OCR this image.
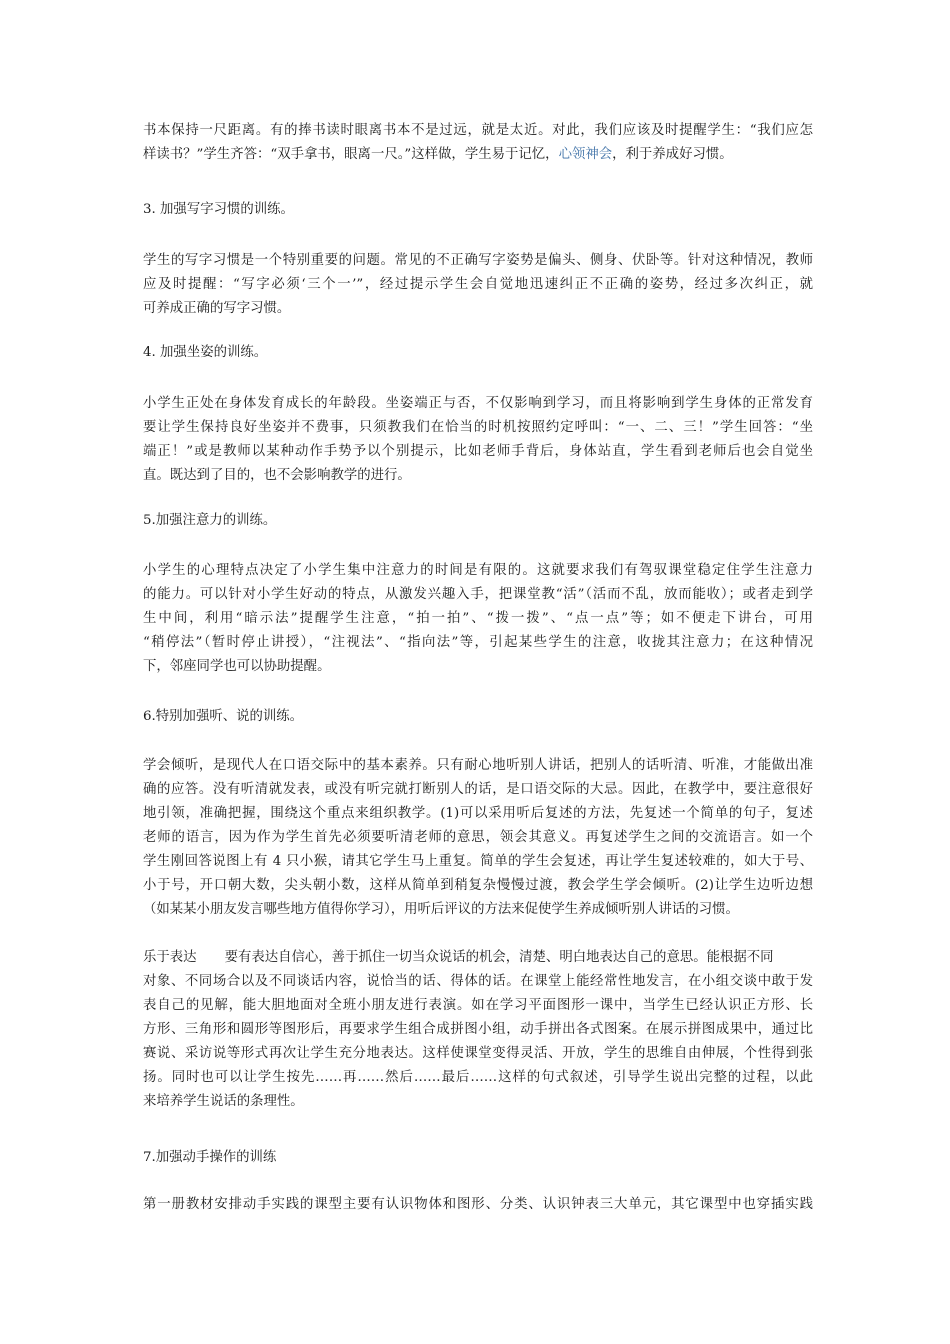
书本保持一尺距离。有的捧书读时眼离书本不是过远，就是太近。对此，我们应该及时提醒学生：“我们应怎
样读书？”学生齐答：“双手拿书，眼离一尺。”这样做，学生易于记忆，心领神会，利于养成好习惯。
3. 加强写字习惯的训练。
学生的写字习惯是一个特别重要的问题。常见的不正确写字姿势是偏头、侧身、伏卧等。针对这种情况，教师
应及时提醒：“写字必须‘三个一’”，经过提示学生会自觉地迅速纠正不正确的姿势，经过多次纠正，就
可养成正确的写字习惯。
4. 加强坐姿的训练。
小学生正处在身体发育成长的年龄段。坐姿端正与否，不仅影响到学习，而且将影响到学生身体的正常发育
要让学生保持良好坐姿并不费事，只须教我们在恰当的时机按照约定呼叫：“一、二、三！”学生回答：“坐
端正！”或是教师以某种动作手势予以个别提示，比如老师手背后，身体站直，学生看到老师后也会自觉坐
直。既达到了目的，也不会影响教学的进行。
5.加强注意力的训练。
小学生的心理特点决定了小学生集中注意力的时间是有限的。这就要求我们有驾驭课堂稳定住学生注意力
的能力。可以针对小学生好动的特点，从激发兴趣入手，把课堂教“活”（活而不乱，放而能收）；或者走到学
生中间，利用“暗示法”提醒学生注意，“拍一拍”、“拨一拨”、“点一点”等；如不便走下讲台，可用
“稍停法”（暂时停止讲授），“注视法”、“指向法”等，引起某些学生的注意，收拢其注意力；在这种情况
下，邻座同学也可以协助提醒。
6.特别加强听、说的训练。
学会倾听，是现代人在口语交际中的基本素养。只有耐心地听别人讲话，把别人的话听清、听准，才能做出准
确的应答。没有听清就发表，或没有听完就打断别人的话，是口语交际的大忌。因此，在教学中，要注意很好
地引领，准确把握，围绕这个重点来组织教学。(1)可以采用听后复述的方法，先复述一个简单的句子，复述
老师的语言，因为作为学生首先必须要听清老师的意思，领会其意义。再复述学生之间的交流语言。如一个
学生刚回答说图上有 4 只小猴，请其它学生马上重复。简单的学生会复述，再让学生复述较难的，如大于号、
小于号，开口朝大数，尖头朝小数，这样从简单到稍复杂慢慢过渡，教会学生学会倾听。(2)让学生边听边想
（如某某小朋友发言哪些地方值得你学习），用听后评议的方法来促使学生养成倾听别人讲话的习惯。
乐于表达 要有表达自信心，善于抓住一切当众说话的机会，清楚、明白地表达自己的意思。能根据不同
对象、不同场合以及不同谈话内容，说恰当的话、得体的话。在课堂上能经常性地发言，在小组交谈中敢于发
表自己的见解，能大胆地面对全班小朋友进行表演。如在学习平面图形一课中，当学生已经认识正方形、长
方形、三角形和圆形等图形后，再要求学生组合成拼图小组，动手拼出各式图案。在展示拼图成果中，通过比
赛说、采访说等形式再次让学生充分地表达。这样使课堂变得灵活、开放，学生的思维自由伸展，个性得到张
扬。同时也可以让学生按先……再……然后……最后……这样的句式叙述，引导学生说出完整的过程，以此
来培养学生说话的条理性。
7.加强动手操作的训练
第一册教材安排动手实践的课型主要有认识物体和图形、分类、认识钟表三大单元，其它课型中也穿插实践
